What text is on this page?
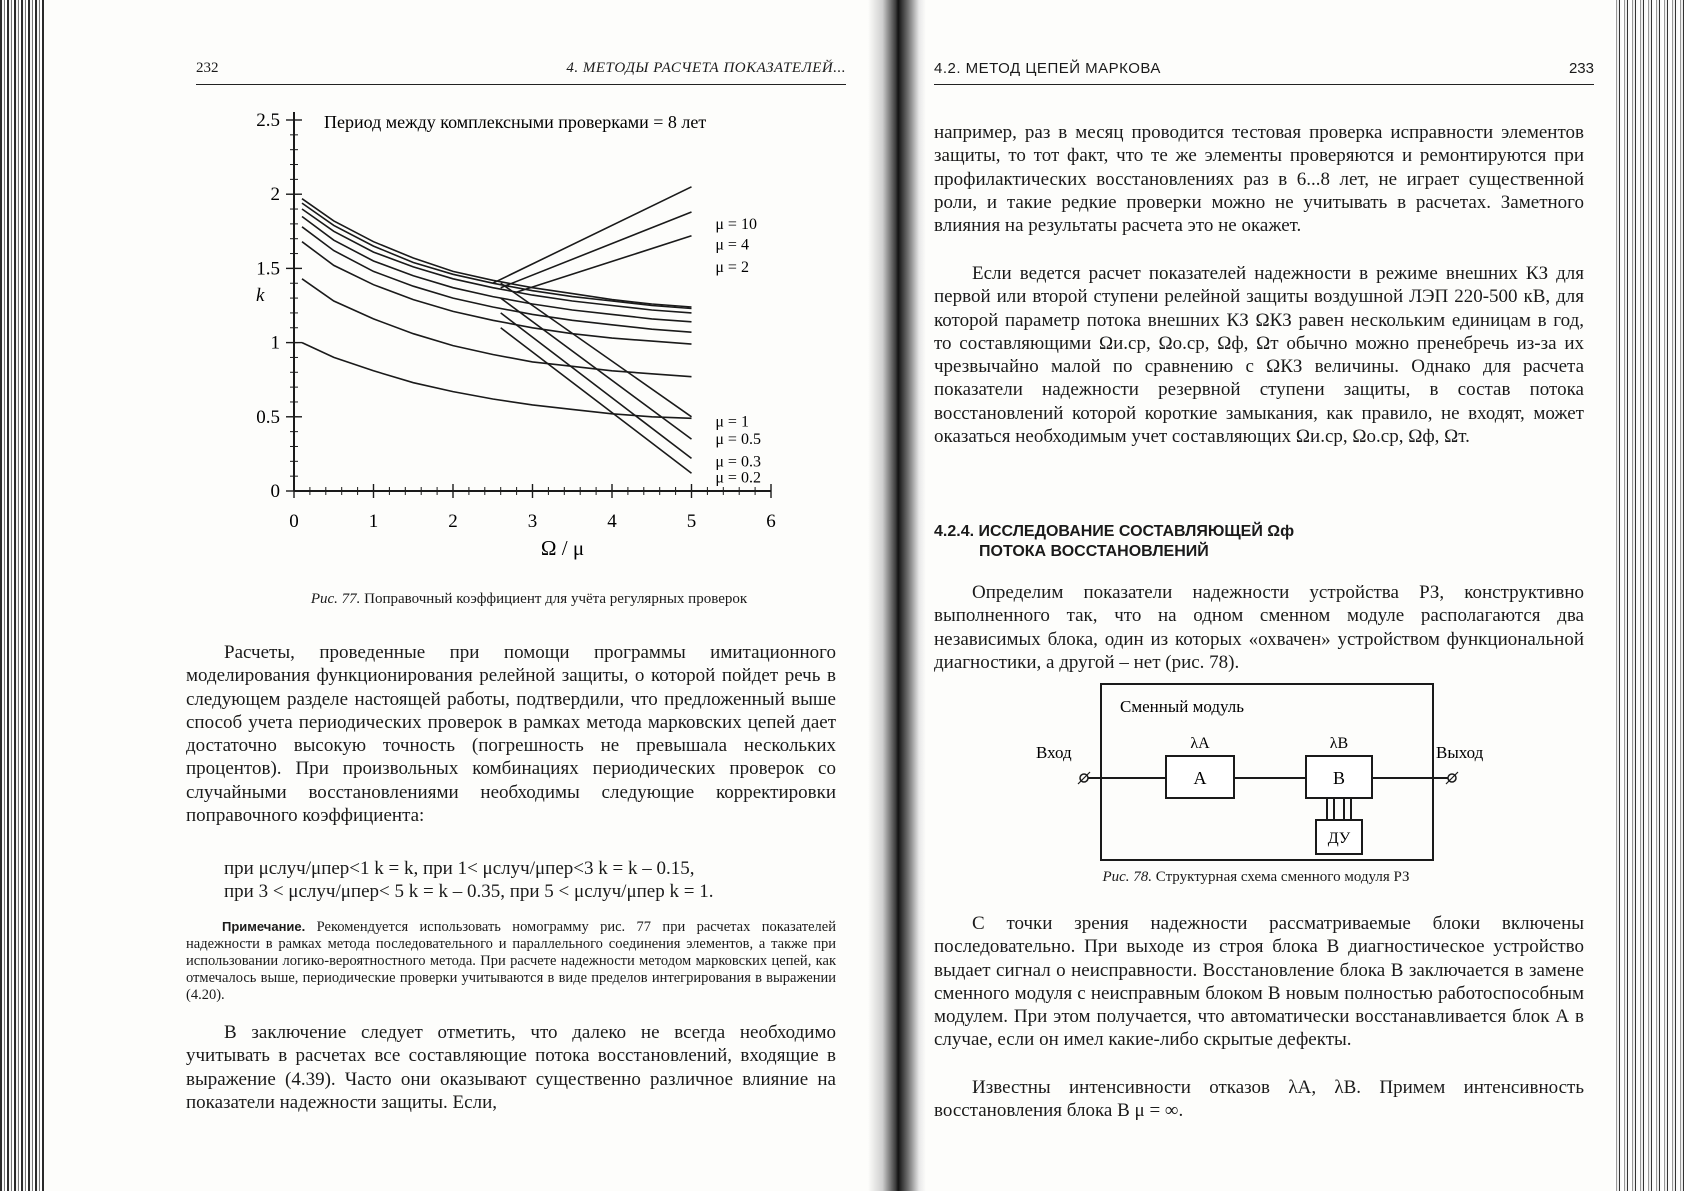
232	4. МЕТОДЫ РАСЧЕТА ПОКАЗАТЕЛЕЙ...
0	1	2	3	4	5	6
0
0.5
1
1.5
2
2.5
Ω / μ
k
Период между комплексными проверками = 8 лет
μ = 10
μ = 4
μ = 2
μ = 1
μ = 0.5
μ = 0.3
μ = 0.2
Рис. 77. Поправочный коэффициент для учёта регулярных проверок

Расчеты, проведенные при помощи программы имитационного моделирования функционирования релейной защиты, о которой пойдет речь в следующем разделе настоящей работы, подтвердили, что предложенный выше способ учета периодических проверок в рамках метода марковских цепей дает достаточно высокую точность (погрешность не превышала нескольких процентов). При произвольных комбинациях периодических проверок со случайными восстановлениями необходимы следующие корректировки поправочного коэффициента:

при μслуч/μпер<1 k = k, при 1< μслуч/μпер<3 k = k – 0.15,
при 3 < μслуч/μпер< 5 k = k – 0.35, при 5 < μслуч/μпер k = 1.
Примечание. Рекомендуется использовать номограмму рис. 77 при расчетах показателей надежности в рамках метода последовательного и параллельного соединения элементов, а также при использовании логико-вероятностного метода. При расчете надежности методом марковских цепей, как отмечалось выше, периодические проверки учитываются в виде пределов интегрирования в выражении (4.20).

В заключение следует отметить, что далеко не всегда необходимо учитывать в расчетах все составляющие потока восстановлений, входящие в выражение (4.39). Часто они оказывают существенно различное влияние на показатели надежности защиты. Если,

4.2. МЕТОД ЦЕПЕЙ МАРКОВА	233

например, раз в месяц проводится тестовая проверка исправности элементов защиты, то тот факт, что те же элементы проверяются и ремонтируются при профилактических восстановлениях раз в 6...8 лет, не играет существенной роли, и такие редкие проверки можно не учитывать в расчетах. Заметного влияния на результаты расчета это не окажет.

Если ведется расчет показателей надежности в режиме внешних КЗ для первой или второй ступени релейной защиты воздушной ЛЭП 220-500 кВ, для которой параметр потока внешних КЗ ΩКЗ равен нескольким единицам в год, то составляющими Ωи.ср, Ωо.ср, Ωф, Ωт обычно можно пренебречь из-за их чрезвычайно малой по сравнению с ΩКЗ величины. Однако для расчета показатели надежности резервной ступени защиты, в состав потока восстановлений которой короткие замыкания, как правило, не входят, может оказаться необходимым учет составляющих Ωи.ср, Ωо.ср, Ωф, Ωт.

4.2.4. ИССЛЕДОВАНИЕ СОСТАВЛЯЮЩЕЙ Ωф
ПОТОКА ВОССТАНОВЛЕНИЙ

Определим показатели надежности устройства РЗ, конструктивно выполненного так, что на одном сменном модуле располагаются два независимых блока, один из которых «охвачен» устройством функциональной диагностики, а другой – нет (рис. 78).

Сменный модуль
Вход	Выход
A
λА
B
λВ
ДУ
Рис. 78. Структурная схема сменного модуля РЗ

С точки зрения надежности рассматриваемые блоки включены последовательно. При выходе из строя блока В диагностическое устройство выдает сигнал о неисправности. Восстановление блока В заключается в замене сменного модуля с неисправным блоком В новым полностью работоспособным модулем. При этом получается, что автоматически восстанавливается блок А в случае, если он имел какие-либо скрытые дефекты.

Известны интенсивности отказов λА, λВ. Примем интенсивность восстановления блока В μ = ∞.
